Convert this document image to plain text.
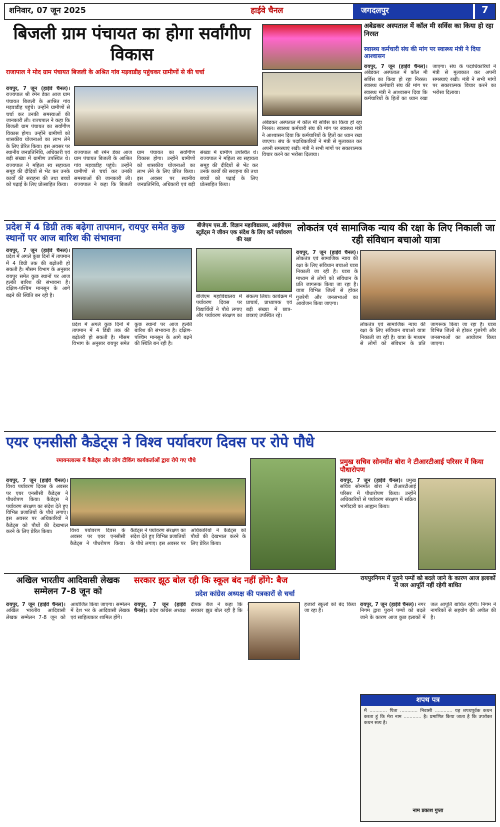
शनिवार, 07 जून 2025	हाईवे चैनल	जगदलपुर	7
बिजली ग्राम पंचायत का होगा सर्वांगीण विकास
राजापाल ने मोद ग्राम पंचायत बिजली के अश्रित गांव मड़वाडीह पहुंचकर ग्रामीणों से की चर्चा
रायपुर, 7 जून (हाईवे चैनल)। राज्यपाल श्री रमेन डेका आज ग्राम पंचायत बिजली के आश्रित गांव मड़वाडीह पहुंचे। उन्होंने ग्रामीणों से चर्चा कर उनकी समस्याओं की जानकारी ली। राज्यपाल ने कहा कि बिजली ग्राम पंचायत का सर्वांगीण विकास होगा। उन्होंने ग्रामीणों को शासकीय योजनाओं का लाभ लेने के लिए प्रेरित किया। इस अवसर पर स्थानीय जनप्रतिनिधि, अधिकारी एवं बड़ी संख्या में ग्रामीण उपस्थित थे। राज्यपाल ने महिला स्व सहायता समूह की दीदियों से भेंट कर उनके कार्यों की सराहना की तथा बच्चों को पढ़ाई के लिए प्रोत्साहित किया।
राज्यपाल श्री रमेन डेका आज ग्राम पंचायत बिजली के आश्रित गांव मड़वाडीह पहुंचे। उन्होंने ग्रामीणों से चर्चा कर उनकी समस्याओं की जानकारी ली। राज्यपाल ने कहा कि बिजली ग्राम पंचायत का सर्वांगीण विकास होगा। उन्होंने ग्रामीणों को शासकीय योजनाओं का लाभ लेने के लिए प्रेरित किया। इस अवसर पर स्थानीय जनप्रतिनिधि, अधिकारी एवं बड़ी संख्या में ग्रामीण उपस्थित थे। राज्यपाल ने महिला स्व सहायता समूह की दीदियों से भेंट कर उनके कार्यों की सराहना की तथा बच्चों को पढ़ाई के लिए प्रोत्साहित किया।
अबेडकर अस्पताल में कॉल मी सर्विस का किया हो रहा निरस्त
स्वास्थ्य कर्मचारी संघ की मांग पर स्वास्थ्य मंत्री ने दिया आश्वासन
रायपुर, 7 जून (हाईवे चैनल)। अंबेडकर अस्पताल में कॉल मी सर्विस का किया हो रहा निरस्त। स्वास्थ्य कर्मचारी संघ की मांग पर स्वास्थ्य मंत्री ने आश्वासन दिया कि कर्मचारियों के हितों का ध्यान रखा जाएगा। संघ के पदाधिकारियों ने मंत्री से मुलाकात कर अपनी समस्याएं रखीं। मंत्री ने सभी मांगों पर सकारात्मक विचार करने का भरोसा दिलाया।
अंबेडकर अस्पताल में कॉल मी सर्विस का किया हो रहा निरस्त। स्वास्थ्य कर्मचारी संघ की मांग पर स्वास्थ्य मंत्री ने आश्वासन दिया कि कर्मचारियों के हितों का ध्यान रखा जाएगा। संघ के पदाधिकारियों ने मंत्री से मुलाकात कर अपनी समस्याएं रखीं। मंत्री ने सभी मांगों पर सकारात्मक विचार करने का भरोसा दिलाया।
प्रदेश में 4 डिग्री तक बढ़ेगा तापमान, रायपुर समेत कुछ स्थानों पर आज बारिश की संभावना
रायपुर, 7 जून (हाईवे चैनल)। प्रदेश में अगले कुछ दिनों में तापमान में 4 डिग्री तक की बढ़ोतरी हो सकती है। मौसम विभाग के अनुसार रायपुर समेत कुछ स्थानों पर आज हल्की बारिश की संभावना है। दक्षिण-पश्चिम मानसून के आगे बढ़ने की स्थिति बन रही है।
प्रदेश में अगले कुछ दिनों में तापमान में 4 डिग्री तक की बढ़ोतरी हो सकती है। मौसम विभाग के अनुसार रायपुर समेत कुछ स्थानों पर आज हल्की बारिश की संभावना है। दक्षिण-पश्चिम मानसून के आगे बढ़ने की स्थिति बन रही है।
बीजेएम एस.डी. विज्ञान महाविद्यालय, आईपीएस स्टूडेंट्स ने जीवन एक संदेश के लिए करें पर्यावरण की रक्षा
बीजेएम महाविद्यालय में पर्यावरण दिवस पर विद्यार्थियों ने पौधे लगाए और पर्यावरण संरक्षण का संकल्प लिया। कार्यक्रम में प्राचार्य, प्राध्यापक एवं बड़ी संख्या में छात्र-छात्राएं उपस्थित रहे।
लोकतंत्र एवं सामाजिक न्याय की रक्षा के लिए निकाली जा रही संविधान बचाओ यात्रा
रायपुर, 7 जून (हाईवे चैनल)। लोकतंत्र एवं सामाजिक न्याय की रक्षा के लिए संविधान बचाओ यात्रा निकाली जा रही है। यात्रा के माध्यम से लोगों को संविधान के प्रति जागरूक किया जा रहा है। यात्रा विभिन्न जिलों से होकर गुजरेगी और जनसभाओं का आयोजन किया जाएगा।
लोकतंत्र एवं सामाजिक न्याय की रक्षा के लिए संविधान बचाओ यात्रा निकाली जा रही है। यात्रा के माध्यम से लोगों को संविधान के प्रति जागरूक किया जा रहा है। यात्रा विभिन्न जिलों से होकर गुजरेगी और जनसभाओं का आयोजन किया जाएगा।
एयर एनसीसी कैडेट्स ने विश्व पर्यावरण दिवस पर रोपे पौधे
रमायनलाल्स में कैडेट्स और लोग टीकिंग कार्यकर्ताओं द्वारा रोपे गए पौधे
रायपुर, 7 जून (हाईवे चैनल)। विश्व पर्यावरण दिवस के अवसर पर एयर एनसीसी कैडेट्स ने पौधरोपण किया। कैडेट्स ने पर्यावरण संरक्षण का संदेश देते हुए विभिन्न प्रजातियों के पौधे लगाए। इस अवसर पर अधिकारियों ने कैडेट्स को पौधों की देखभाल करने के लिए प्रेरित किया।	विश्व पर्यावरण दिवस के अवसर पर एयर एनसीसी कैडेट्स ने पौधरोपण किया। कैडेट्स ने पर्यावरण संरक्षण का संदेश देते हुए विभिन्न प्रजातियों के पौधे लगाए। इस अवसर पर अधिकारियों ने कैडेट्स को पौधों की देखभाल करने के लिए प्रेरित किया।
प्रमुख सचिव सोनमोंत बोरा ने टीआरटीआई परिसर में किया पौधारोपण
रायपुर, 7 जून (हाईवे चैनल)। प्रमुख सचिव सोनमोंत बोरा ने टीआरटीआई परिसर में पौधारोपण किया। उन्होंने अधिकारियों से पर्यावरण संरक्षण में सक्रिय भागीदारी का आह्वान किया।
अखिल भारतीय आदिवासी लेखक सम्मेलन 7-8 जून को
रायपुर, 7 जून (हाईवे चैनल)। अखिल भारतीय आदिवासी लेखक सम्मेलन 7-8 जून को आयोजित किया जाएगा। सम्मेलन में देश भर के आदिवासी लेखक एवं साहित्यकार शामिल होंगे।
सरकार झूठ बोल रही कि स्कूल बंद नहीं होंगे: बैज
प्रदेश कांग्रेस अध्यक्ष की पत्रकारों से चर्चा
रायपुर, 7 जून (हाईवे चैनल)। प्रदेश कांग्रेस अध्यक्ष दीपक बैज ने कहा कि सरकार झूठ बोल रही है कि हजारों स्कूलों को बंद किया जा रहा है।
रायपुरनिगम में पुराने पम्पों को बदले जाने के कारण आज इलाकों में जल आपूर्ति नहीं रहेगी बाधित
रायपुर, 7 जून (हाईवे चैनल)। नगर निगम द्वारा पुराने पम्पों को बदले जाने के कारण आज कुछ इलाकों में जल आपूर्ति बाधित रहेगी। निगम ने नागरिकों से सहयोग की अपील की है।
शपथ पत्र
मैं ............ पिता ............ निवासी ............ यह शपथपूर्वक कथन करता हूं कि मेरा नाम ............ है। प्रमाणित किया जाता है कि उपरोक्त कथन सत्य है।
नाम प्रकाश गुप्ता
